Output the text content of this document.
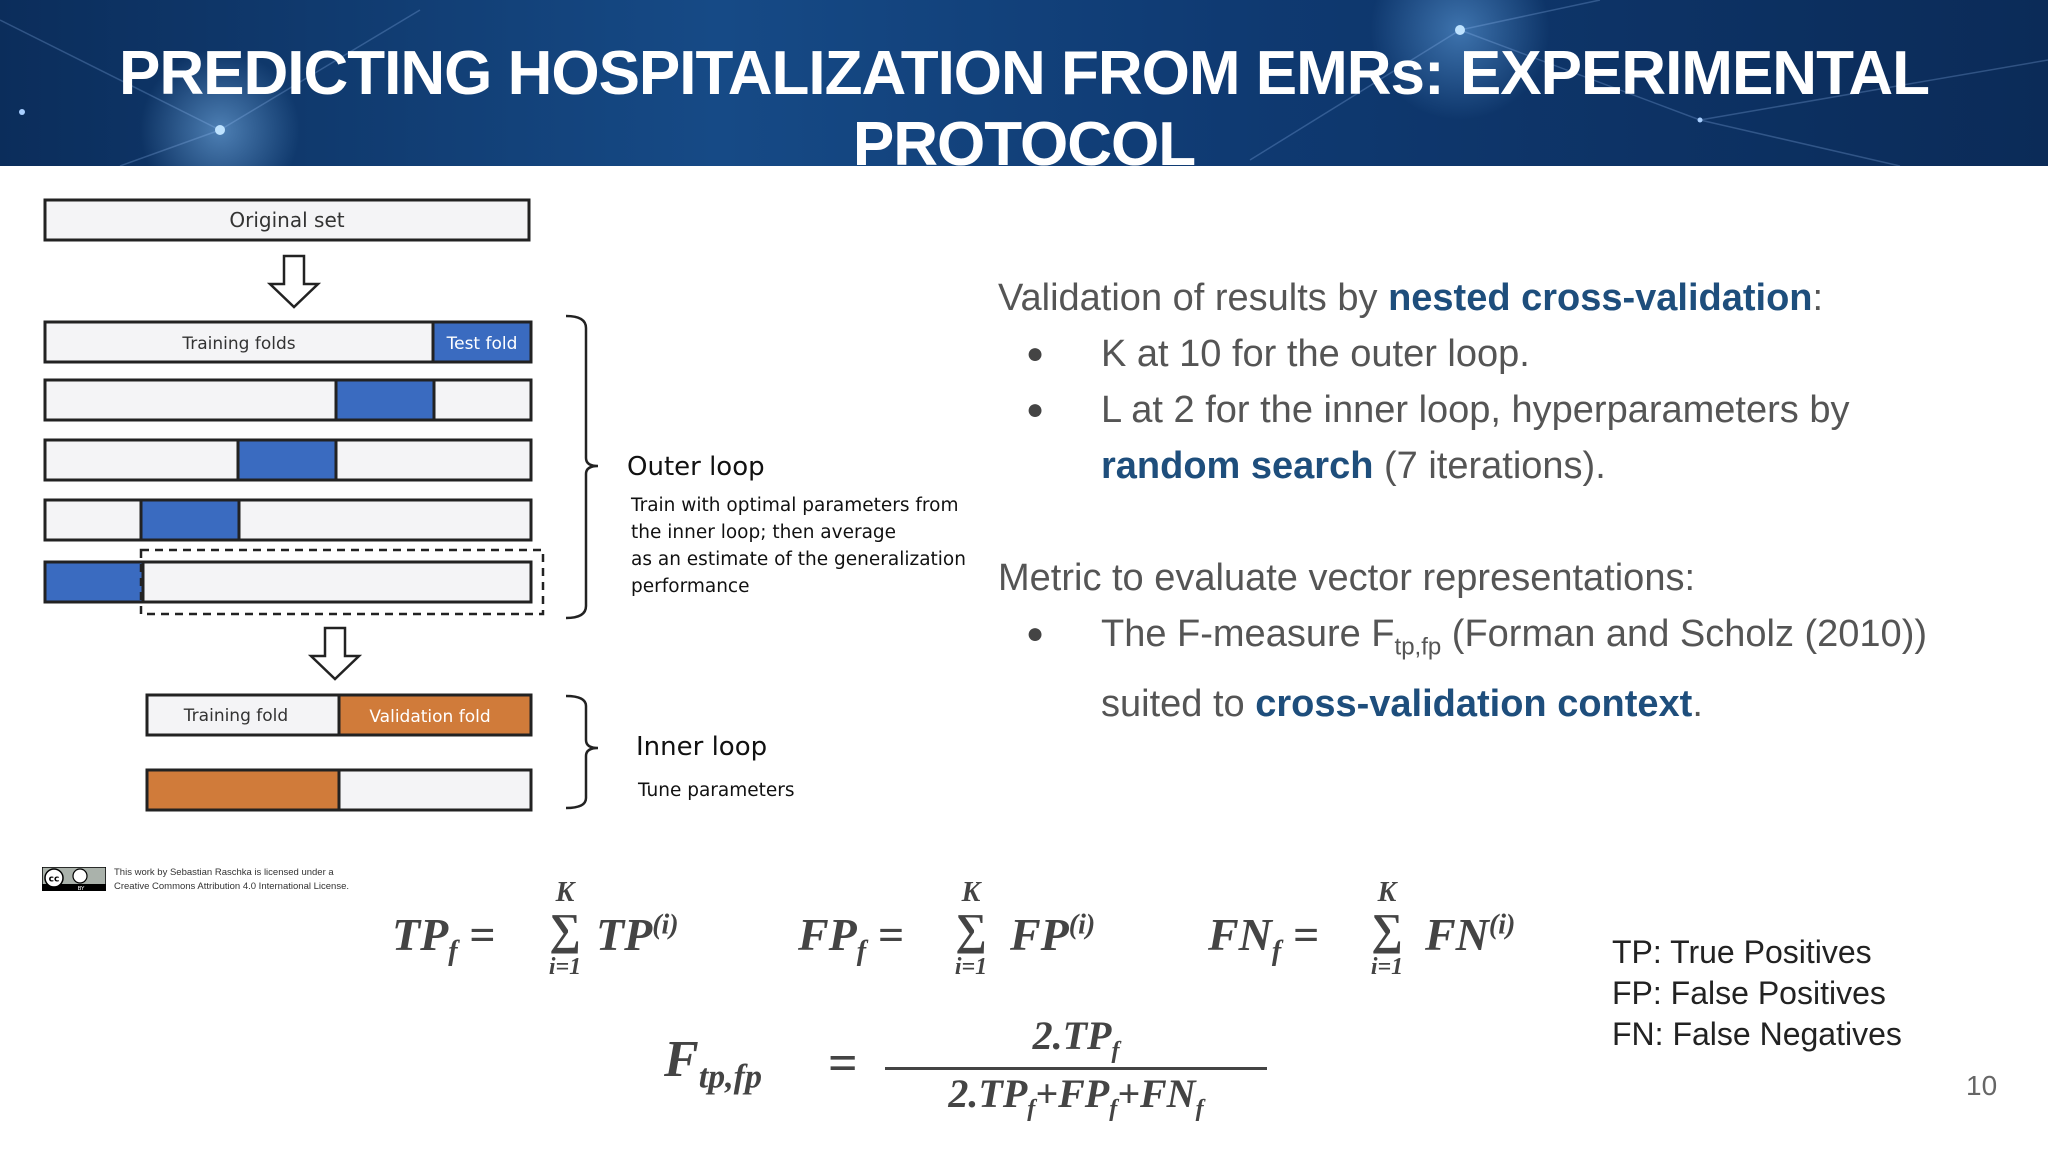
PREDICTING HOSPITALIZATION FROM EMRs: EXPERIMENTAL PROTOCOL
Original set
Training folds	Test fold
Outer loop
Train with optimal parameters from
the inner loop; then average
as an estimate of the generalization
performance
Training fold	Validation fold
Inner loop
Tune parameters
Validation of results by nested cross-validation:
● K at 10 for the outer loop.
● L at 2 for the inner loop, hyperparameters by
random search (7 iterations).
Metric to evaluate vector representations:
● The F-measure $F_{tp,fp}$ (Forman and Scholz (2010))
suited to cross-validation context.
cc
BY
This work by Sebastian Raschka is licensed under a
Creative Commons Attribution 4.0 International License.
$TP_f$ =
K
∑
i=1
TP$^{(i)}$	$FP_f$ =
K
∑
i=1
FP$^{(i)}$ $FN_f$ =
K
∑
i=1
FN$^{(i)}$
$F_{tp,fp}$ =	$2.TP_f$
$2.TP_f+FP_f+FN_f$
TP: True Positives
FP: False Positives
FN: False Negatives
10
